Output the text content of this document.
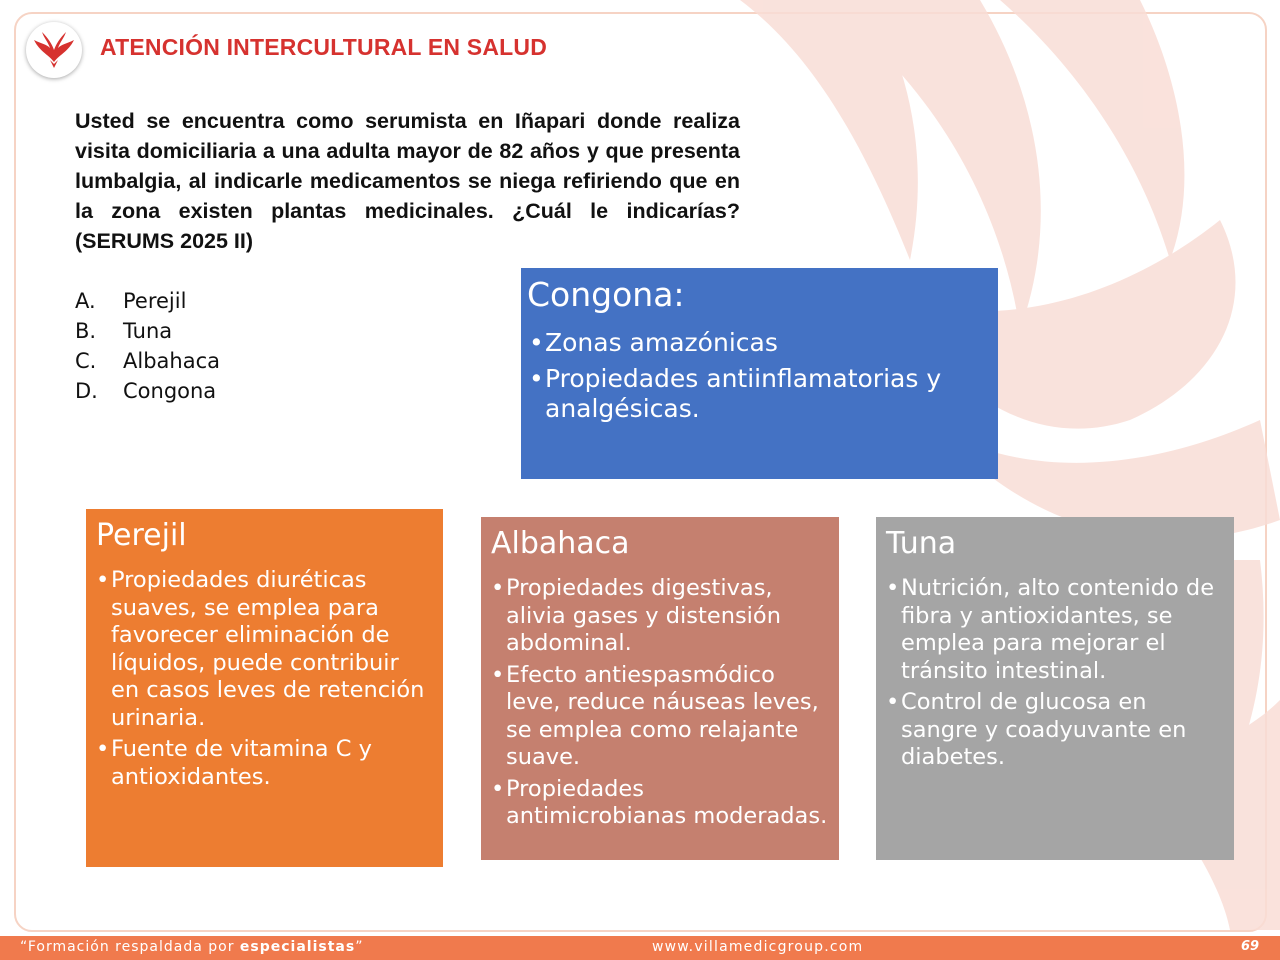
ATENCIÓN INTERCULTURAL EN SALUD
Usted se encuentra como serumista en Iñapari donde realiza visita domiciliaria a una adulta mayor de 82 años y que presenta lumbalgia, al indicarle medicamentos se niega refiriendo que en la zona existen plantas medicinales. ¿Cuál le indicarías?
(SERUMS 2025 II)
A.	Perejil
B.	Tuna
C.	Albahaca
D.	Congona
Congona:
• Zonas amazónicas
• Propiedades antiinflamatorias y analgésicas.
Perejil
• Propiedades diuréticas suaves, se emplea para favorecer eliminación de líquidos, puede contribuir en casos leves de retención urinaria.
• Fuente de vitamina C y antioxidantes.
Albahaca
• Propiedades digestivas, alivia gases y distensión abdominal.
• Efecto antiespasmódico leve, reduce náuseas leves, se emplea como relajante suave.
• Propiedades antimicrobianas moderadas.
Tuna
• Nutrición, alto contenido de fibra y antioxidantes, se emplea para mejorar el tránsito intestinal.
• Control de glucosa en sangre y coadyuvante en diabetes.
“Formación respaldada por especialistas”	www.villamedicgroup.com	69
